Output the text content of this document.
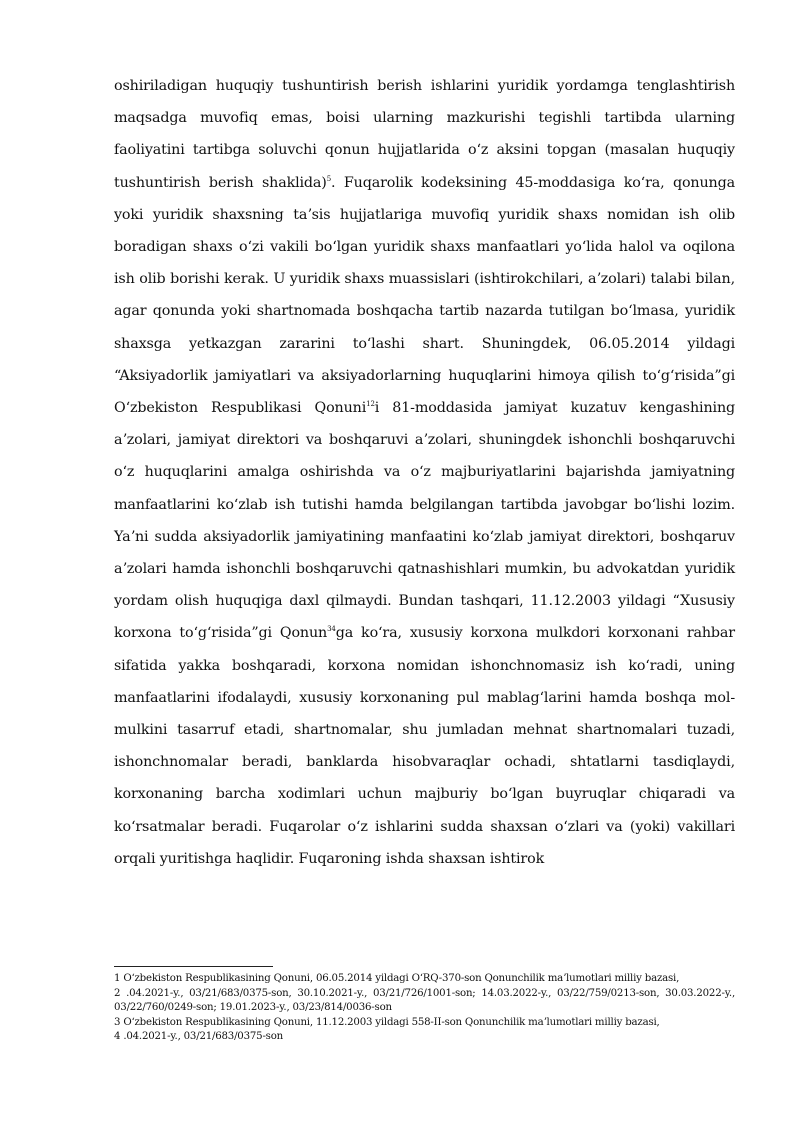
oshiriladigan huquqiy tushuntirish berish ishlarini yuridik yordamga tenglashtirish maqsadga muvofiq emas, boisi ularning mazkurishi tegishli tartibda ularning faoliyatini tartibga soluvchi qonun hujjatlarida oʻz aksini topgan (masalan huquqiy tushuntirish berish shaklida)$^5$. Fuqarolik kodeksining 45-moddasiga koʻra, qonunga yoki yuridik shaxsning taʼsis hujjatlariga muvofiq yuridik shaxs nomidan ish olib boradigan shaxs oʻzi vakili boʻlgan yuridik shaxs manfaatlari yoʻlida halol va oqilona ish olib borishi kerak. U yuridik shaxs muassislari (ishtirokchilari, aʼzolari) talabi bilan, agar qonunda yoki shartnomada boshqacha tartib nazarda tutilgan boʻlmasa, yuridik shaxsga yetkazgan zararini toʻlashi shart. Shuningdek, 06.05.2014 yildagi “Aksiyadorlik jamiyatlari va aksiyadorlarning huquqlarini himoya qilish toʻgʻrisida”gi Oʻzbekiston Respublikasi Qonuni$^{12}$i 81-moddasida jamiyat kuzatuv kengashining aʼzolari, jamiyat direktori va boshqaruvi aʼzolari, shuningdek ishonchli boshqaruvchi oʻz huquqlarini amalga oshirishda va oʻz majburiyatlarini bajarishda jamiyatning manfaatlarini koʻzlab ish tutishi hamda belgilangan tartibda javobgar boʻlishi lozim. Yaʼni sudda aksiyadorlik jamiyatining manfaatini koʻzlab jamiyat direktori, boshqaruv aʼzolari hamda ishonchli boshqaruvchi qatnashishlari mumkin, bu advokatdan yuridik yordam olish huquqiga daxl qilmaydi. Bundan tashqari, 11.12.2003 yildagi “Xususiy korxona toʻgʻrisida”gi Qonun$^{34}$ga koʻra, xususiy korxona mulkdori korxonani rahbar sifatida yakka boshqaradi, korxona nomidan ishonchnomasiz ish koʻradi, uning manfaatlarini ifodalaydi, xususiy korxonaning pul mablagʻlarini hamda boshqa mol-mulkini tasarruf etadi, shartnomalar, shu jumladan mehnat shartnomalari tuzadi, ishonchnomalar beradi, banklarda hisobvaraqlar ochadi, shtatlarni tasdiqlaydi, korxonaning barcha xodimlari uchun majburiy boʻlgan buyruqlar chiqaradi va koʻrsatmalar beradi. Fuqarolar oʻz ishlarini sudda shaxsan oʻzlari va (yoki) vakillari orqali yuritishga haqlidir. Fuqaroning ishda shaxsan ishtirok

1 Oʻzbekiston Respublikasining Qonuni, 06.05.2014 yildagi OʻRQ-370-son Qonunchilik maʼlumotlari milliy bazasi,

2 .04.2021-y., 03/21/683/0375-son, 30.10.2021-y., 03/21/726/1001-son; 14.03.2022-y., 03/22/759/0213-son, 30.03.2022-y., 03/22/760/0249-son; 19.01.2023-y., 03/23/814/0036-son

3 Oʻzbekiston Respublikasining Qonuni, 11.12.2003 yildagi 558-II-son Qonunchilik maʼlumotlari milliy bazasi,

4 .04.2021-y., 03/21/683/0375-son
